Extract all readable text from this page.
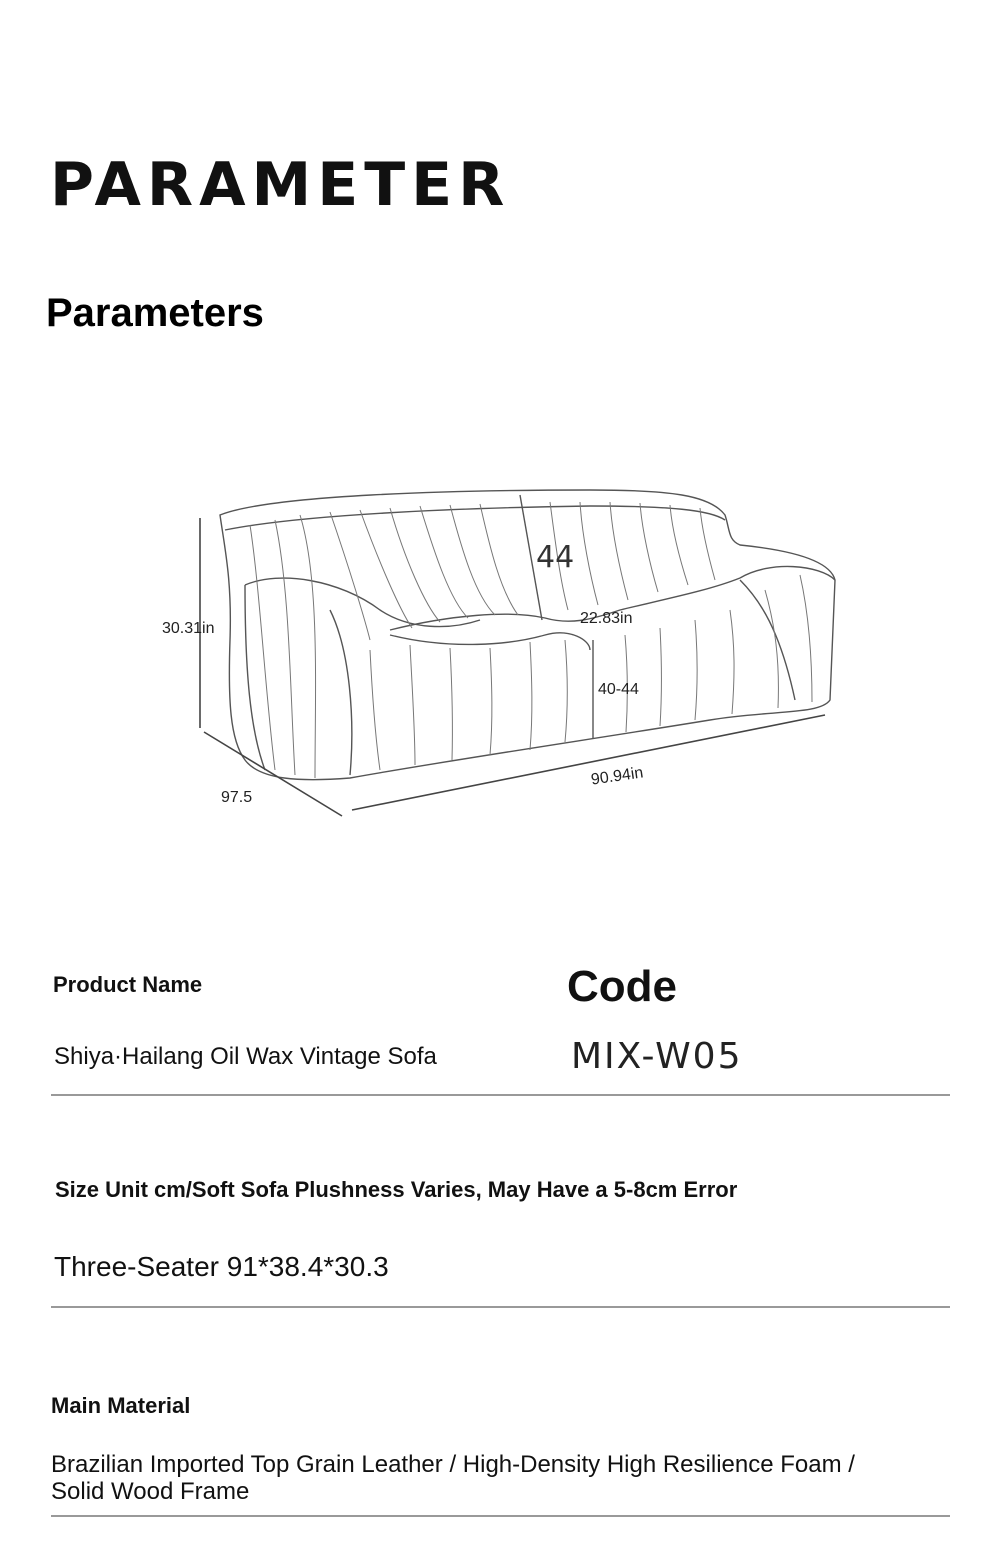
PARAMETER
Parameters
30.31in
44
22.83in
40-44
97.5
90.94in
Product Name	Code
Shiya·Hailang Oil Wax Vintage Sofa	MIX-W05
Size Unit cm/Soft Sofa Plushness Varies, May Have a 5-8cm Error
Three-Seater 91*38.4*30.3
Main Material
Brazilian Imported Top Grain Leather / High-Density High Resilience Foam / Solid Wood Frame
